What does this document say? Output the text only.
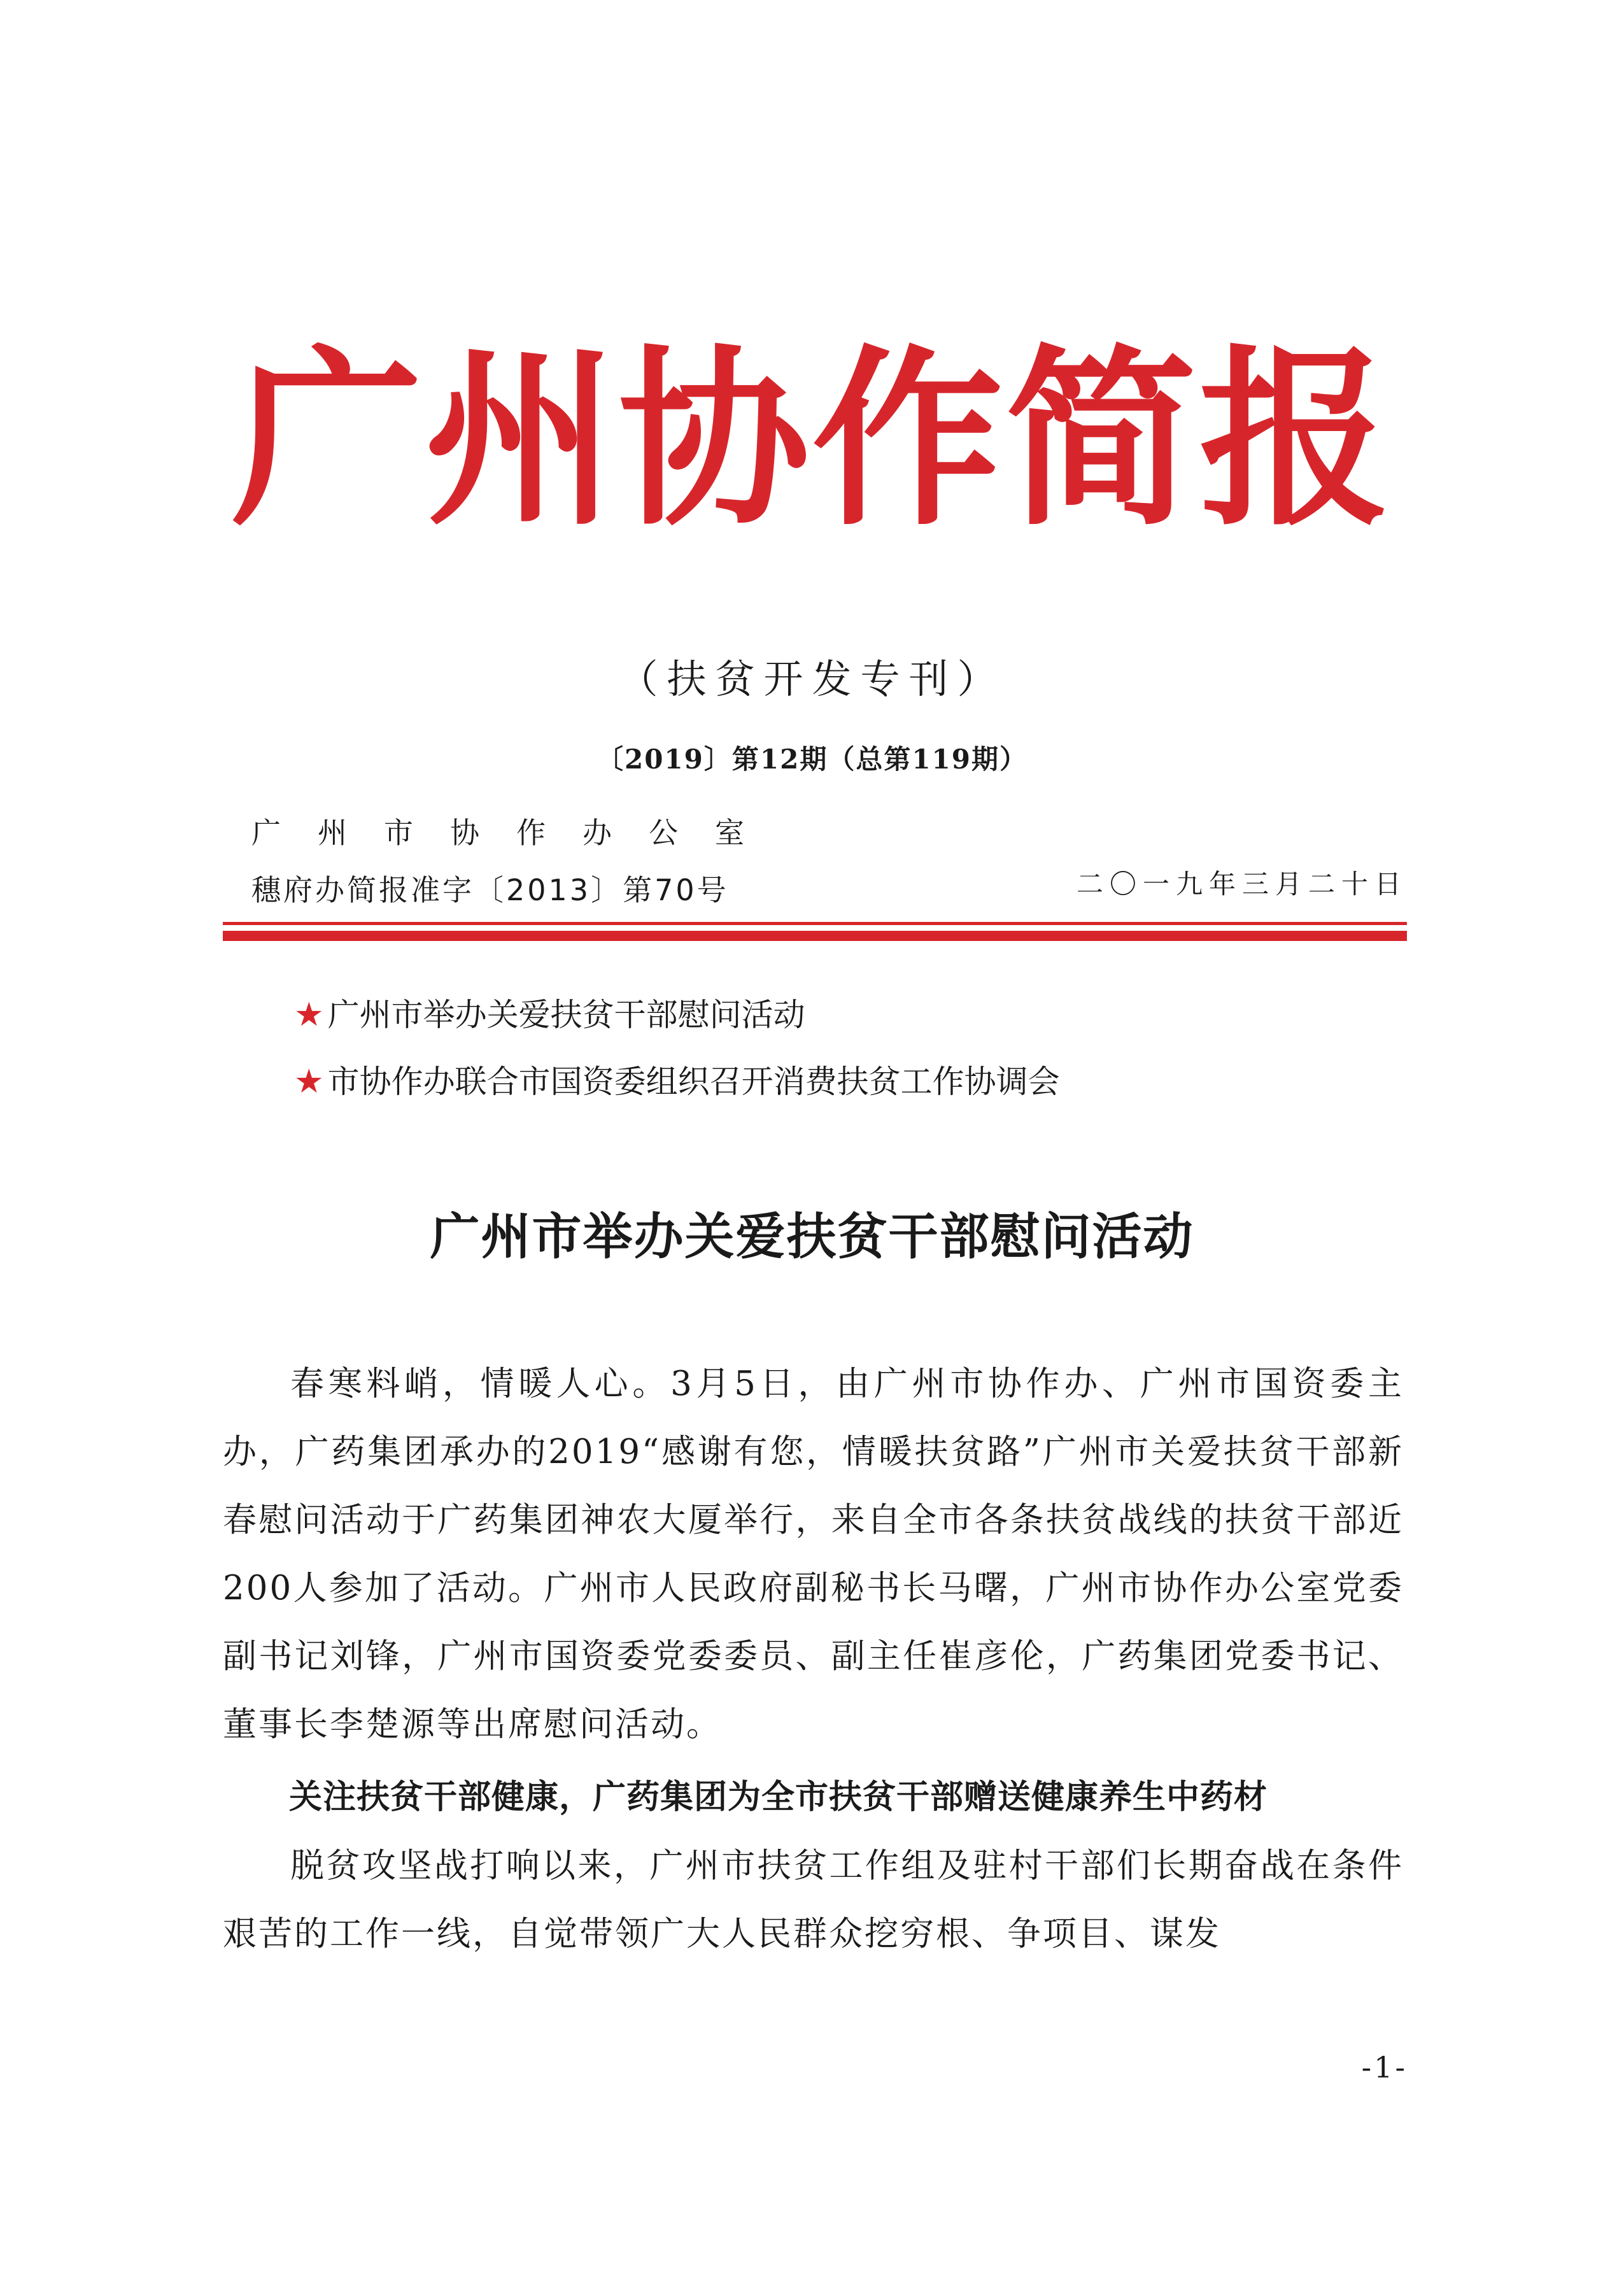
广州协作简报
（扶贫开发专刊）
〔2019〕第12期（总第119期）
广州市协作办公室
穗府办简报准字〔2013〕第70号	二〇一九年三月二十日
★ 广州市举办关爱扶贫干部慰问活动
★ 市协作办联合市国资委组织召开消费扶贫工作协调会
广州市举办关爱扶贫干部慰问活动

春寒料峭，情暖人心。3月5日，由广州市协作办、广州市国资委主办，广药集团承办的2019“感谢有您，情暖扶贫路”广州市关爱扶贫干部新春慰问活动于广药集团神农大厦举行，来自全市各条扶贫战线的扶贫干部近200人参加了活动。广州市人民政府副秘书长马曙，广州市协作办公室党委副书记刘锋，广州市国资委党委委员、副主任崔彦伦，广药集团党委书记、董事长李楚源等出席慰问活动。

关注扶贫干部健康，广药集团为全市扶贫干部赠送健康养生中药材

脱贫攻坚战打响以来，广州市扶贫工作组及驻村干部们长期奋战在条件艰苦的工作一线，自觉带领广大人民群众挖穷根、争项目、谋发

-1-
